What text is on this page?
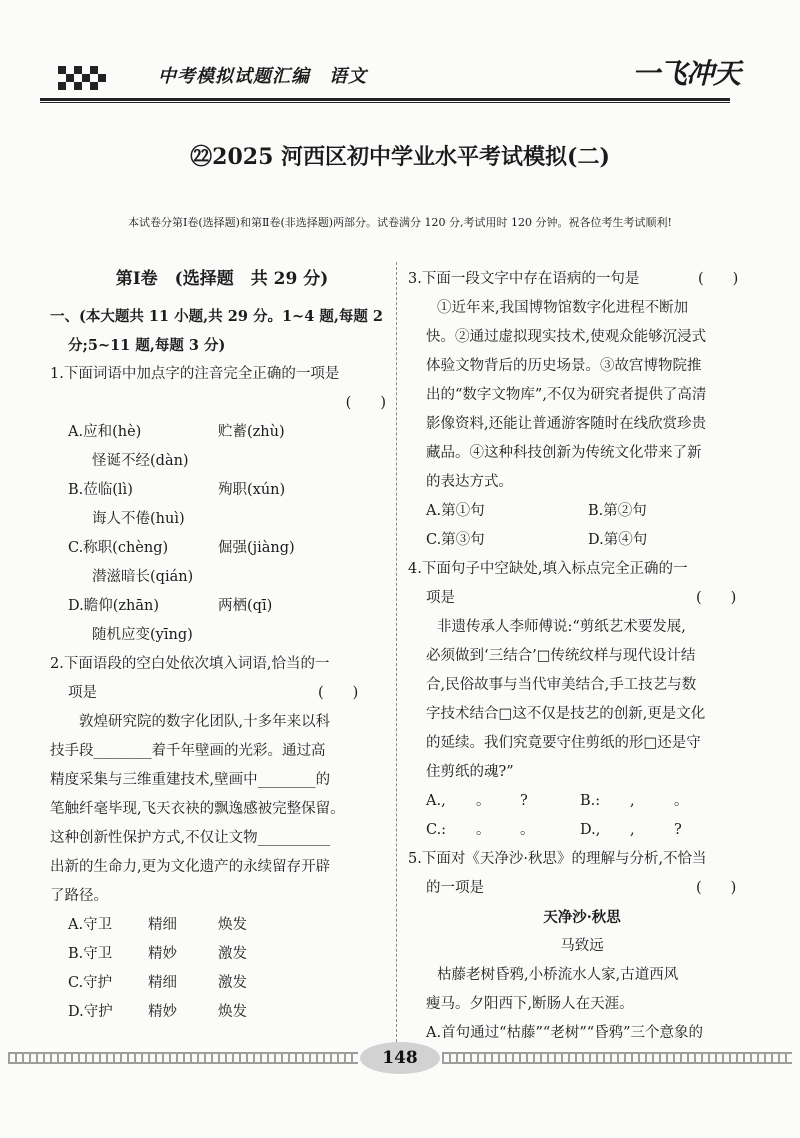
中考模拟试题汇编　语文	一飞冲天
㉒2025 河西区初中学业水平考试模拟(二)
本试卷分第Ⅰ卷(选择题)和第Ⅱ卷(非选择题)两部分。试卷满分 120 分,考试用时 120 分钟。祝各位考生考试顺利!
第Ⅰ卷　(选择题　共 29 分)

一、(本大题共 11 小题,共 29 分。1~4 题,每题 2

分;5~11 题,每题 3 分)

1.下面词语中加点字的注音完全正确的一项是

(　　)

A.应和(hè)	贮蓄(zhù)
怪诞不经(dàn)
B.莅临(lì)	殉职(xún)
诲人不倦(huì)
C.称职(chèng)	倔强(jiàng)
潜滋暗长(qián)
D.瞻仰(zhān)	两栖(qī)
随机应变(yīng)

2.下面语段的空白处依次填入词语,恰当的一

项是	(　　)

敦煌研究院的数字化团队,十多年来以科

技手段________着千年壁画的光彩。通过高

精度采集与三维重建技术,壁画中________的

笔触纤毫毕现,飞天衣袂的飘逸感被完整保留。

这种创新性保护方式,不仅让文物__________

出新的生命力,更为文化遗产的永续留存开辟

了路径。

A.守卫	精细	焕发
B.守卫	精妙	激发
C.守护	精细	激发
D.守护	精妙	焕发
3.下面一段文字中存在语病的一句是	(　　)

①近年来,我国博物馆数字化进程不断加

快。②通过虚拟现实技术,使观众能够沉浸式

体验文物背后的历史场景。③故宫博物院推

出的“数字文物库”,不仅为研究者提供了高清

影像资料,还能让普通游客随时在线欣赏珍贵

藏品。④这种科技创新为传统文化带来了新

的表达方式。

A.第①句	B.第②句
C.第③句	D.第④句

4.下面句子中空缺处,填入标点完全正确的一

项是	(　　)

非遗传承人李师傅说:“剪纸艺术要发展,

必须做到‘三结合’□传统纹样与现代设计结

合,民俗故事与当代审美结合,手工技艺与数

字技术结合□这不仅是技艺的创新,更是文化

的延续。我们究竟要守住剪纸的形□还是守

住剪纸的魂?”

A.,	。	?	B.:	,	。
C.:	。	。	D.,	,	?

5.下面对《天净沙·秋思》的理解与分析,不恰当

的一项是	(　　)

天净沙·秋思

马致远

枯藤老树昏鸦,小桥流水人家,古道西风

瘦马。夕阳西下,断肠人在天涯。

A.首句通过“枯藤”“老树”“昏鸦”三个意象的

148
